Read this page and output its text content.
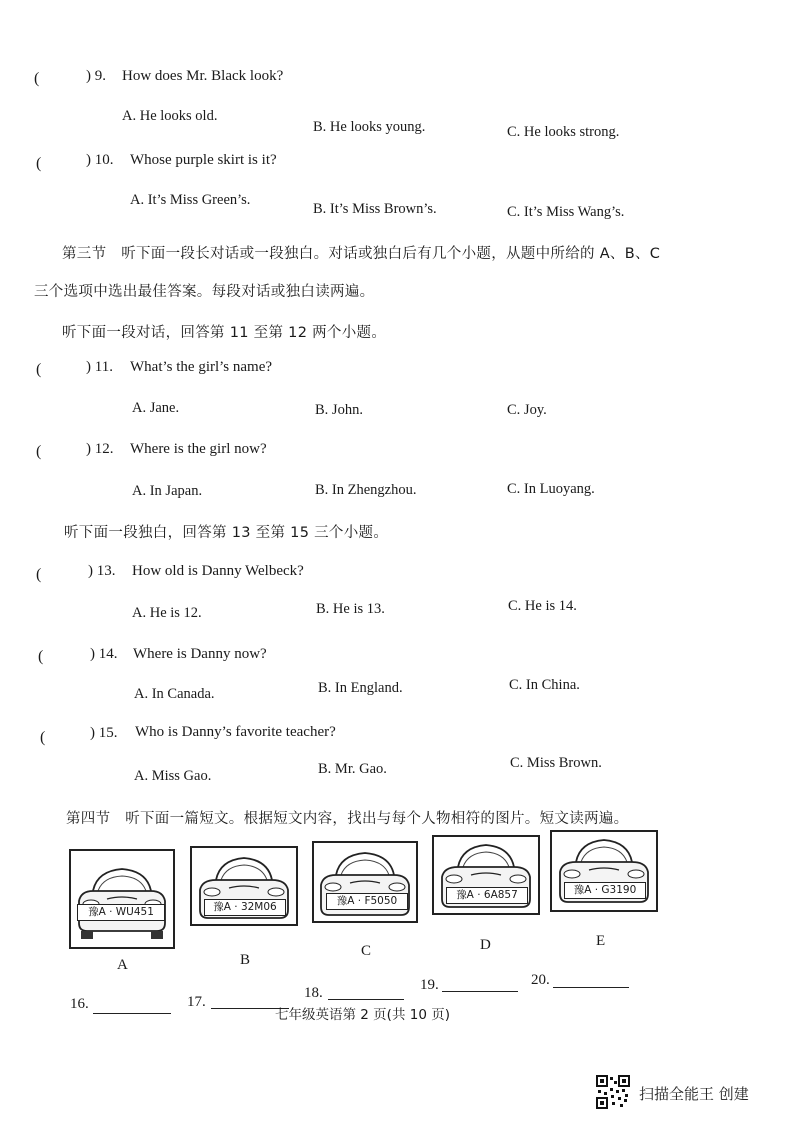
(	) 9. How does Mr. Black look?
A. He looks old.
B. He looks young.	C. He looks strong.
(	) 10. Whose purple skirt is it?
A. It’s Miss Green’s.
B. It’s Miss Brown’s.	C. It’s Miss Wang’s.
第三节　听下面一段长对话或一段独白。对话或独白后有几个小题，从题中所给的 A、B、C
三个选项中选出最佳答案。每段对话或独白读两遍。
听下面一段对话，回答第 11 至第 12 两个小题。
(	) 11. What’s the girl’s name?
A. Jane.	B. John.	C. Joy.
(	) 12. Where is the girl now?
A. In Japan.	B. In Zhengzhou.	C. In Luoyang.
听下面一段独白，回答第 13 至第 15 三个小题。
(	) 13. How old is Danny Welbeck?
A. He is 12.	B. He is 13.	C. He is 14.
(	) 14. Where is Danny now?
A. In Canada.	B. In England.	C. In China.
(	) 15. Who is Danny’s favorite teacher?
A. Miss Gao.	B. Mr. Gao.	C. Miss Brown.
第四节　听下面一篇短文。根据短文内容，找出与每个人物相符的图片。短文读两遍。
豫A · WU451	豫A · 32M06	豫A · F5050	豫A · 6A857	豫A · G3190
A	B
C	D	E
16.	17.
18.	19.	20.
七年级英语第 2 页(共 10 页)
扫描全能王 创建
